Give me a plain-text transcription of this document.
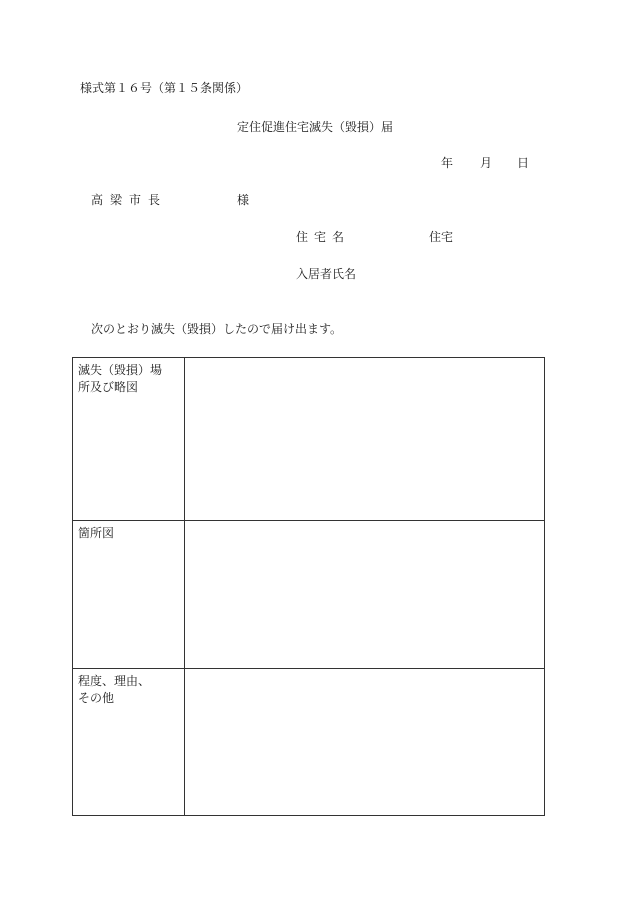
様式第１６号（第１５条関係）
定住促進住宅滅失（毀損）届
年 月 日
高梁市長	様
住宅名	住宅
入居者氏名
次のとおり滅失（毀損）したので届け出ます。
滅失（毀損）場
所及び略図	
箇所図	
程度、理由、
その他	
